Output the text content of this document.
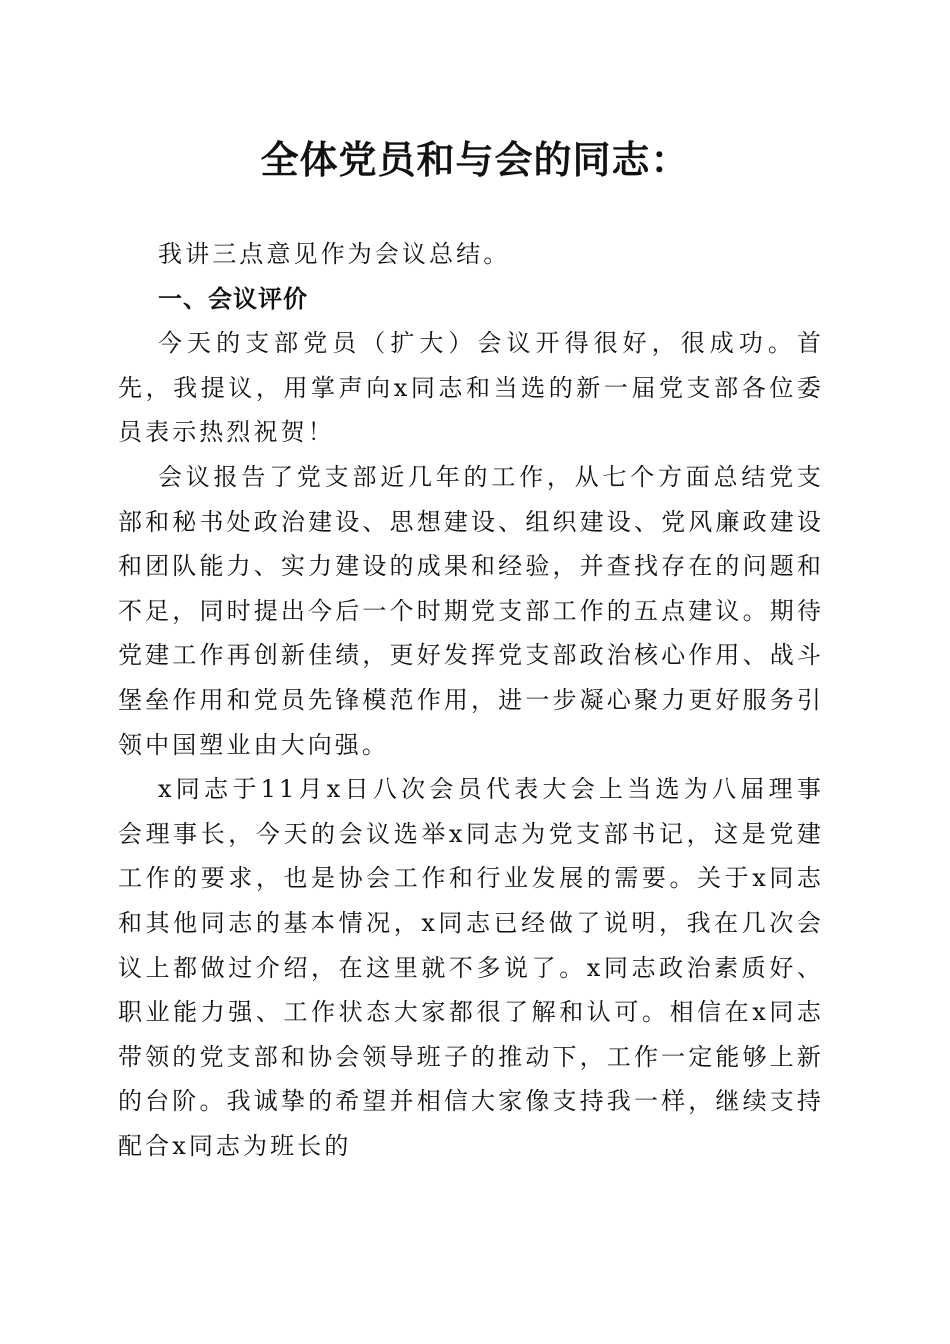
全体党员和与会的同志：

我讲三点意见作为会议总结。

一、会议评价

今天的支部党员（扩大）会议开得很好，很成功。首先，我提议，用掌声向x同志和当选的新一届党支部各位委员表示热烈祝贺！

会议报告了党支部近几年的工作，从七个方面总结党支部和秘书处政治建设、思想建设、组织建设、党风廉政建设和团队能力、实力建设的成果和经验，并查找存在的问题和不足，同时提出今后一个时期党支部工作的五点建议。期待党建工作再创新佳绩，更好发挥党支部政治核心作用、战斗堡垒作用和党员先锋模范作用，进一步凝心聚力更好服务引领中国塑业由大向强。

x同志于11月x日八次会员代表大会上当选为八届理事会理事长，今天的会议选举x同志为党支部书记，这是党建工作的要求，也是协会工作和行业发展的需要。关于x同志和其他同志的基本情况，x同志已经做了说明，我在几次会议上都做过介绍，在这里就不多说了。x同志政治素质好、职业能力强、工作状态大家都很了解和认可。相信在x同志带领的党支部和协会领导班子的推动下，工作一定能够上新的台阶。我诚挚的希望并相信大家像支持我一样，继续支持配合x同志为班长的
